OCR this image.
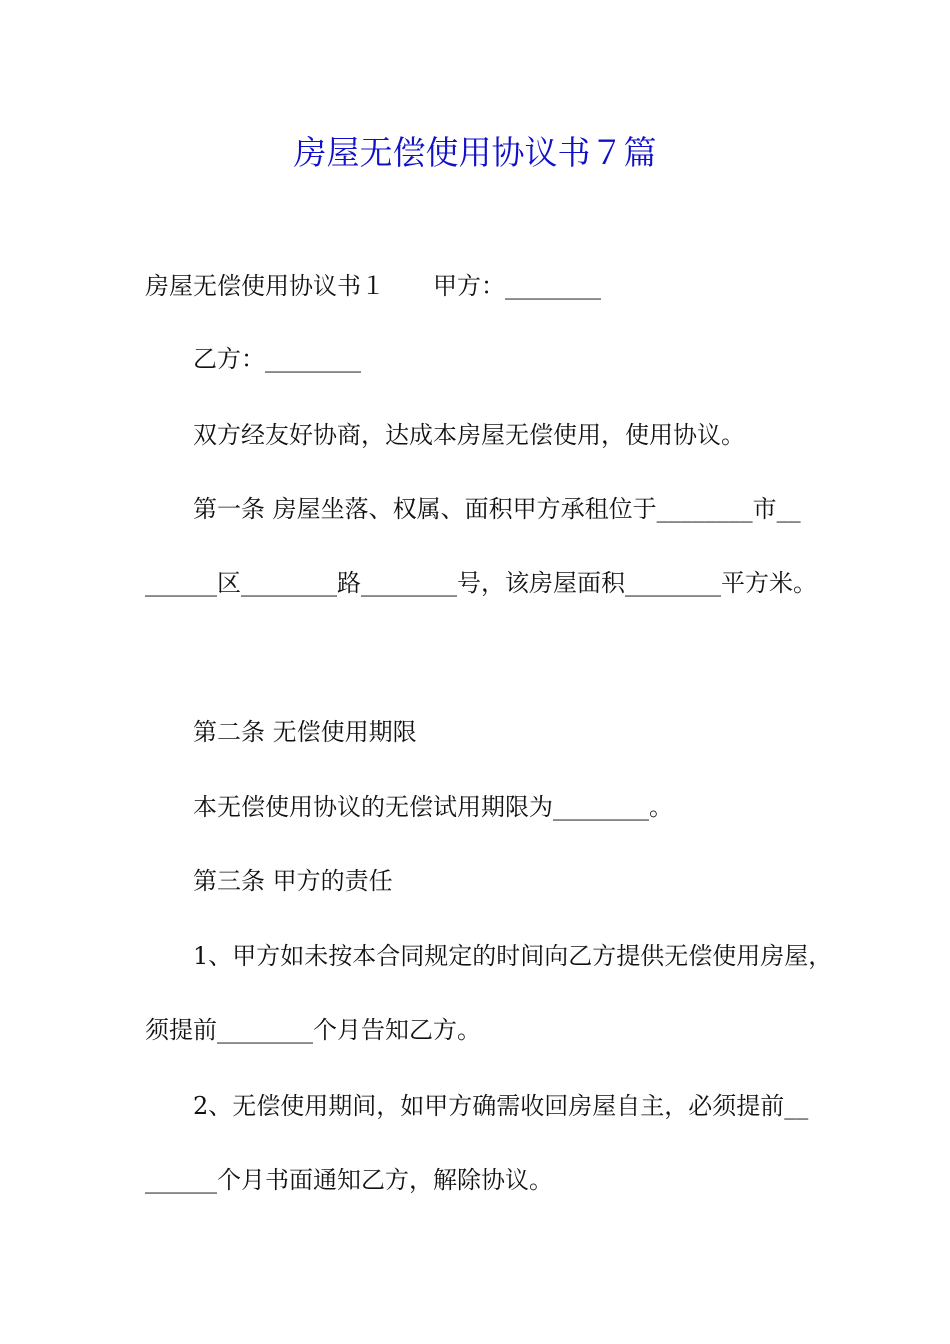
房屋无偿使用协议书７篇
房屋无偿使用协议书１　　甲方：________
乙方：________
双方经友好协商，达成本房屋无偿使用，使用协议。
第一条 房屋坐落、权属、面积甲方承租位于________市__
______区________路________号，该房屋面积________平方米。
第二条 无偿使用期限
本无偿使用协议的无偿试用期限为________。
第三条 甲方的责任
1、甲方如未按本合同规定的时间向乙方提供无偿使用房屋，
须提前________个月告知乙方。
2、无偿使用期间，如甲方确需收回房屋自主，必须提前__
______个月书面通知乙方，解除协议。
